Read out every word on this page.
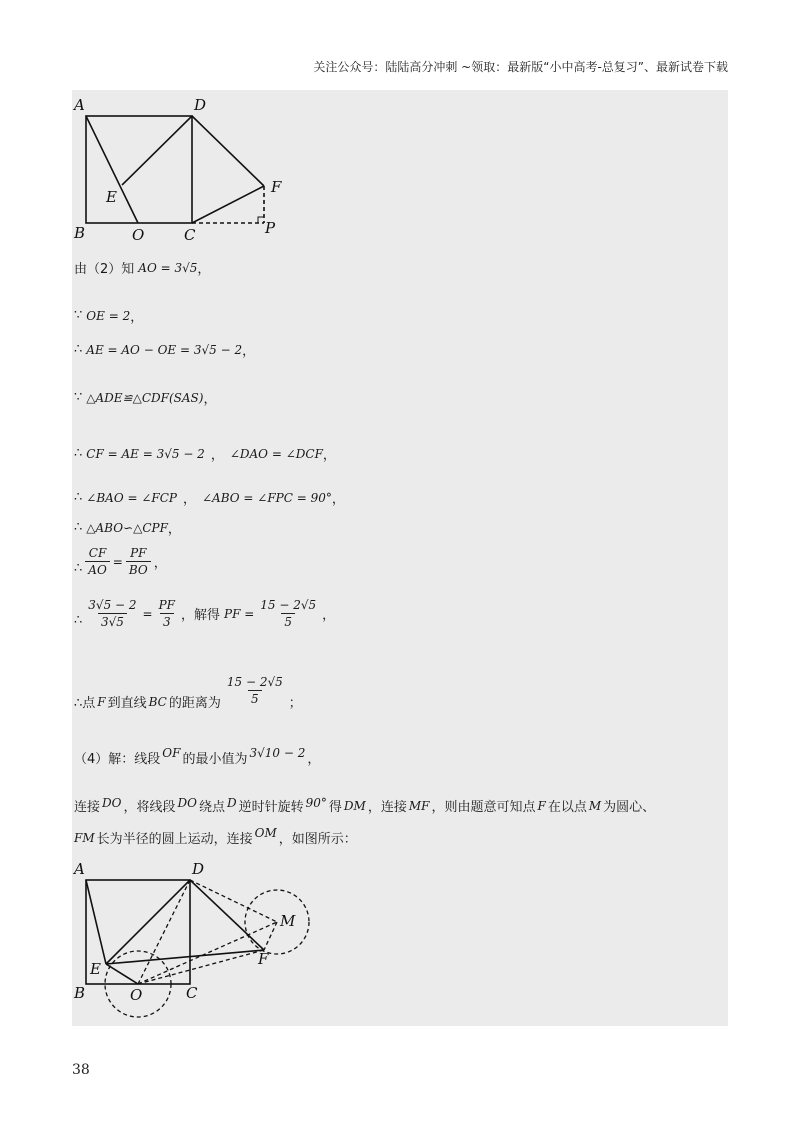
关注公众号：陆陆高分冲刺 ~领取：最新版“小中高考-总复习”、最新试卷下载
A	D
E
F
B	O	C	P
由（2）知 AO = 3√5 ，
∵ OE = 2 ，
∴ AE = AO − OE = 3√5 − 2 ，
∵ △ADE≌△CDF(SAS) ，
∴ CF = AE = 3√5 − 2 ， ∠DAO = ∠DCF ，
∴ ∠BAO = ∠FCP ， ∠ABO = ∠FPC = 90° ，
∴ △ABO∽△CPF ，
∴ $\frac{CF}{AO} = \frac{PF}{BO}$ ，
∴ $\frac{3√5 - 2}{3√5} = \frac{PF}{3}$ ，解得 PF = $\frac{15 - 2√5}{5}$ ，
∴点 F 到直线 BC 的距离为 $\frac{15 - 2√5}{5}$ ；
（4）解：线段 OF 的最小值为 3√10 − 2 ，
连接 DO ，将线段 DO 绕点 D 逆时针旋转 90° 得 DM ，连接 MF ，则由题意可知点 F 在以点 M 为圆心、
FM 长为半径的圆上运动，连接 OM ，如图所示：
A	D
M
E
F
B	O	C
38
